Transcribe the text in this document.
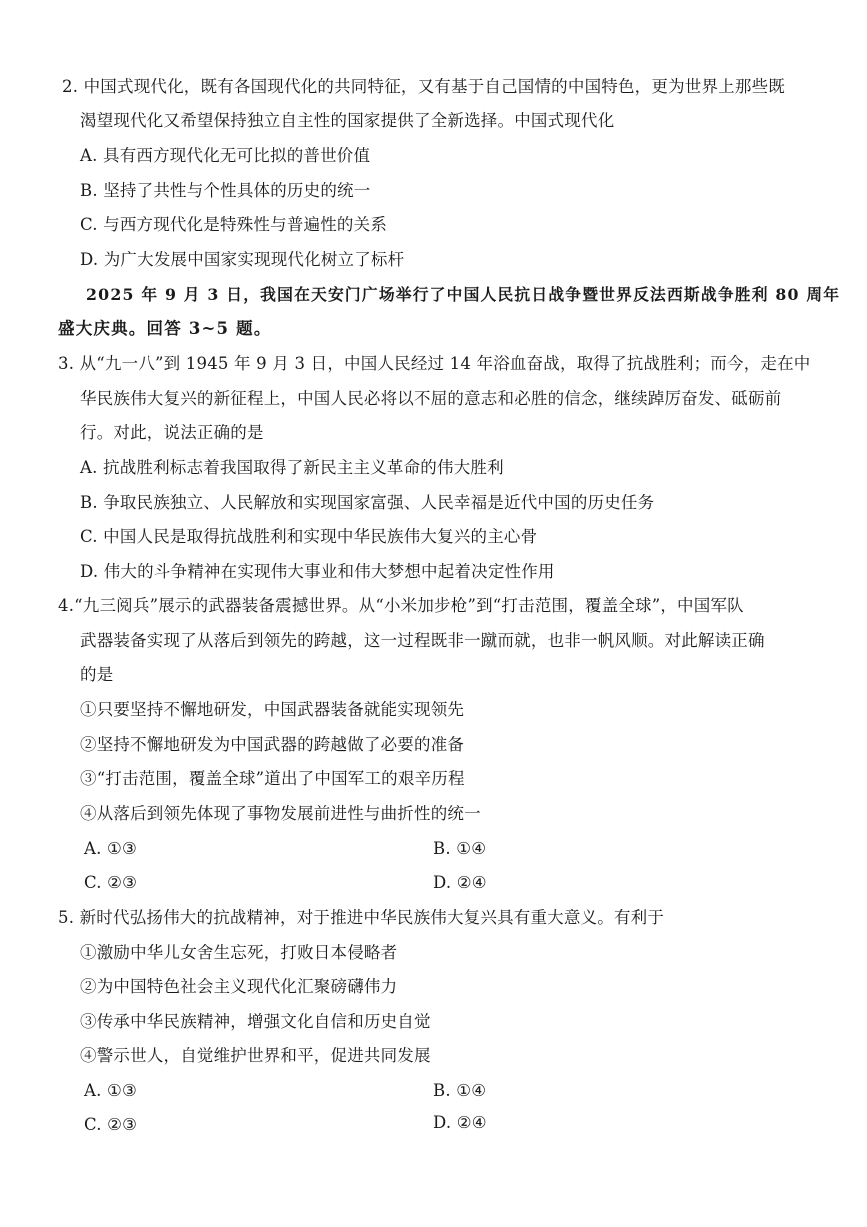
2. 中国式现代化，既有各国现代化的共同特征，又有基于自己国情的中国特色，更为世界上那些既
渴望现代化又希望保持独立自主性的国家提供了全新选择。中国式现代化
A. 具有西方现代化无可比拟的普世价值
B. 坚持了共性与个性具体的历史的统一
C. 与西方现代化是特殊性与普遍性的关系
D. 为广大发展中国家实现现代化树立了标杆
2025 年 9 月 3 日，我国在天安门广场举行了中国人民抗日战争暨世界反法西斯战争胜利 80 周年
盛大庆典。回答 3~5 题。
3. 从“九一八”到 1945 年 9 月 3 日，中国人民经过 14 年浴血奋战，取得了抗战胜利；而今，走在中
华民族伟大复兴的新征程上，中国人民必将以不屈的意志和必胜的信念，继续踔厉奋发、砥砺前
行。对此，说法正确的是
A. 抗战胜利标志着我国取得了新民主主义革命的伟大胜利
B. 争取民族独立、人民解放和实现国家富强、人民幸福是近代中国的历史任务
C. 中国人民是取得抗战胜利和实现中华民族伟大复兴的主心骨
D. 伟大的斗争精神在实现伟大事业和伟大梦想中起着决定性作用
4.“九三阅兵”展示的武器装备震撼世界。从“小米加步枪”到“打击范围，覆盖全球”，中国军队
武器装备实现了从落后到领先的跨越，这一过程既非一蹴而就，也非一帆风顺。对此解读正确
的是
①只要坚持不懈地研发，中国武器装备就能实现领先
②坚持不懈地研发为中国武器的跨越做了必要的准备
③“打击范围，覆盖全球”道出了中国军工的艰辛历程
④从落后到领先体现了事物发展前进性与曲折性的统一
A. ①③	B. ①④
C. ②③	D. ②④
5. 新时代弘扬伟大的抗战精神，对于推进中华民族伟大复兴具有重大意义。有利于
①激励中华儿女舍生忘死，打败日本侵略者
②为中国特色社会主义现代化汇聚磅礴伟力
③传承中华民族精神，增强文化自信和历史自觉
④警示世人，自觉维护世界和平，促进共同发展
A. ①③	B. ①④
C. ②③	D. ②④
